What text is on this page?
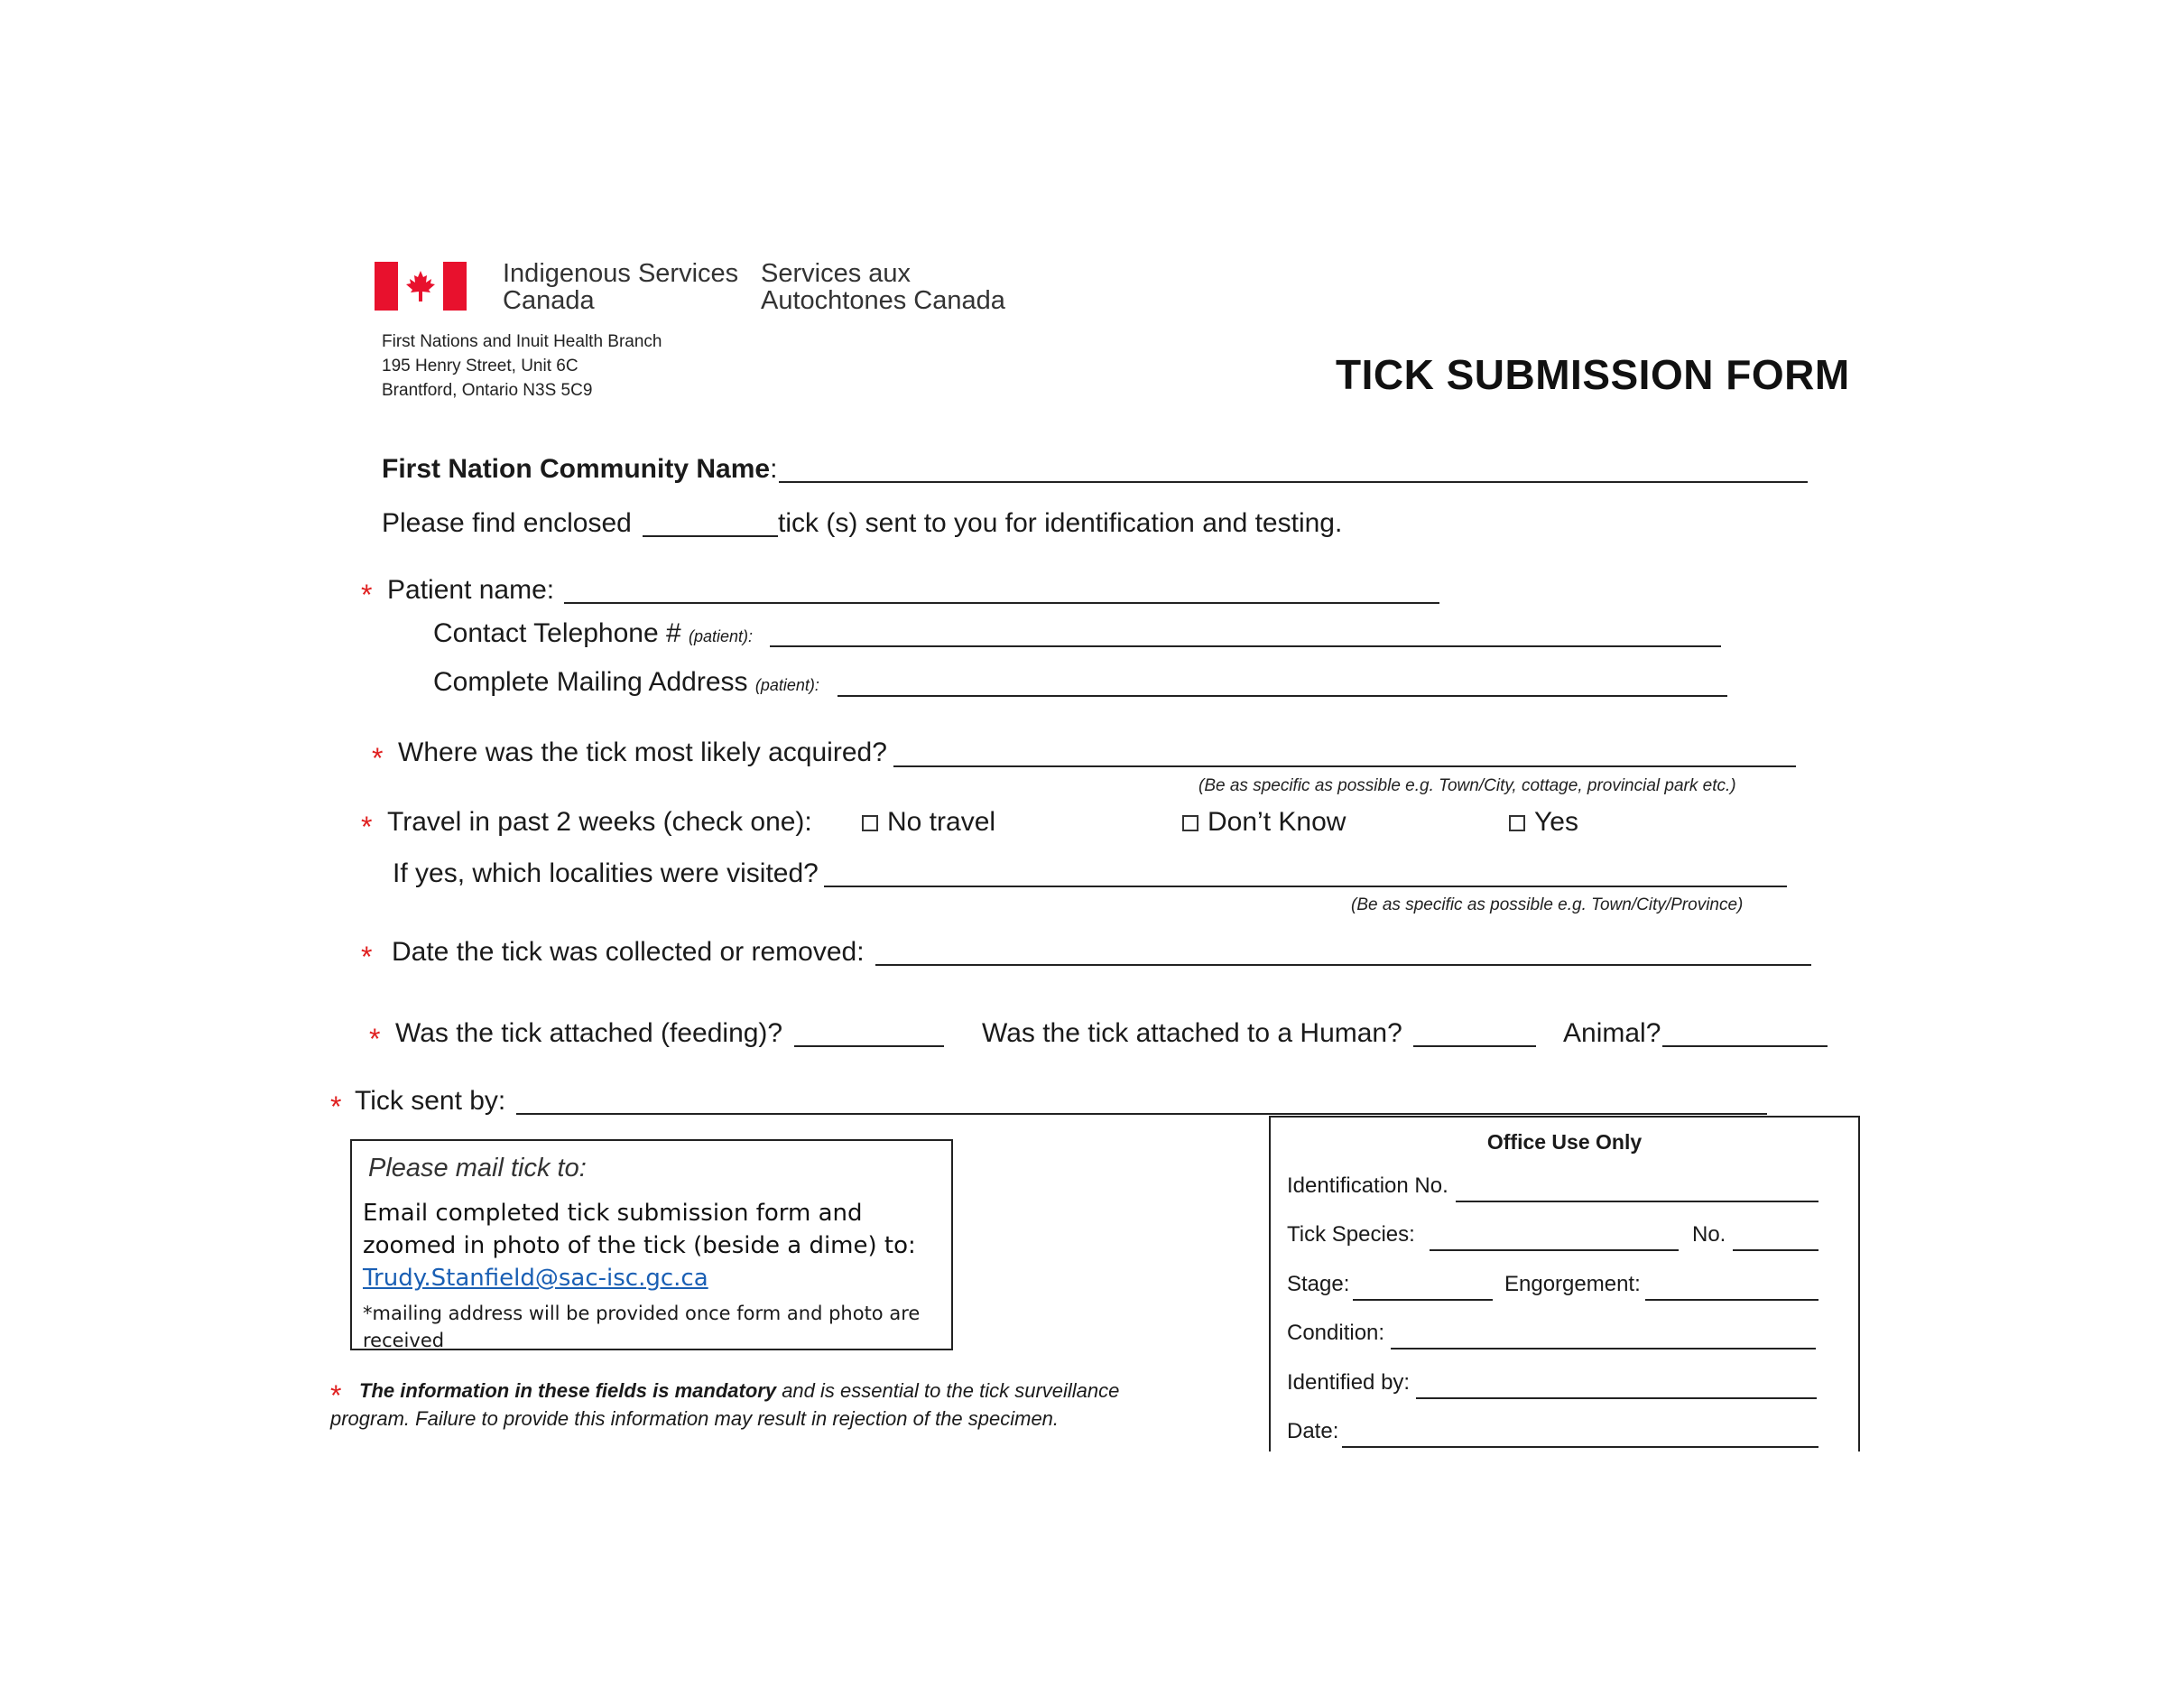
Indigenous Services
Canada
Services aux
Autochtones Canada
First Nations and Inuit Health Branch
195 Henry Street, Unit 6C
Brantford, Ontario N3S 5C9	TICK SUBMISSION FORM
First Nation Community Name:
Please find enclosed	tick (s) sent to you for identification and testing.
* Patient name:
Contact Telephone # (patient):
Complete Mailing Address (patient):
* Where was the tick most likely acquired?
(Be as specific as possible e.g. Town/City, cottage, provincial park etc.)
* Travel in past 2 weeks (check one):	No travel	Don’t Know	Yes
If yes, which localities were visited?
(Be as specific as possible e.g. Town/City/Province)
* Date the tick was collected or removed:
* Was the tick attached (feeding)?	Was the tick attached to a Human?	Animal?
* Tick sent by:
Please mail tick to:
Email completed tick submission form and zoomed in photo of the tick (beside a dime) to:
Trudy.Stanfield@sac-isc.gc.ca
*mailing address will be provided once form and photo are received
* The information in these fields is mandatory and is essential to the tick surveillance
program. Failure to provide this information may result in rejection of the specimen.
Office Use Only
Identification No.
Tick Species:	No.
Stage:	Engorgement:
Condition:
Identified by:
Date:
